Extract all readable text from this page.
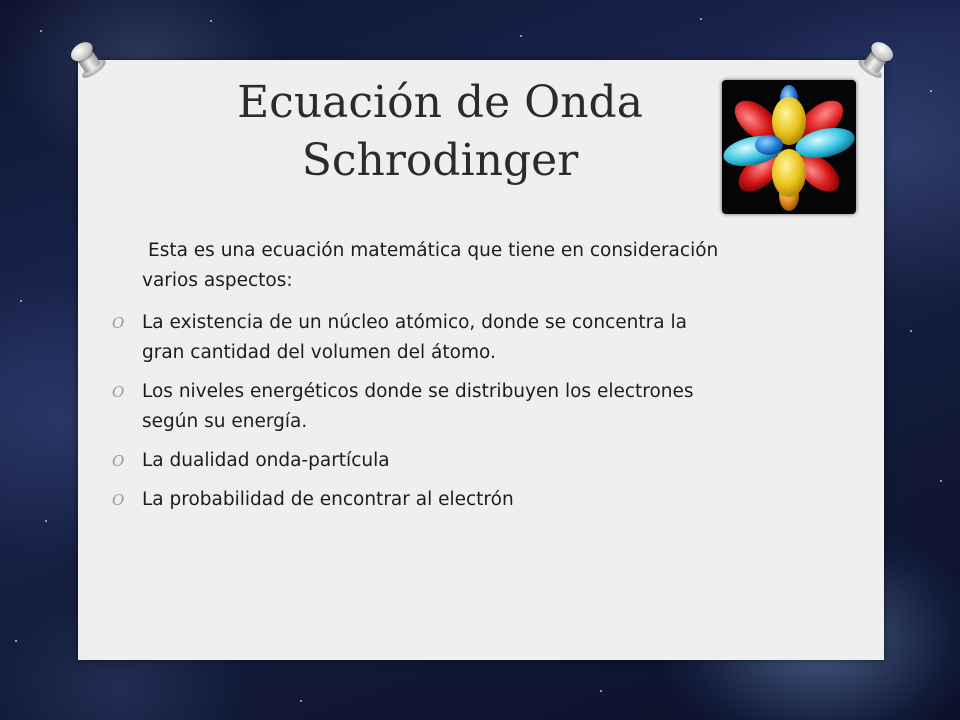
Ecuación de Onda
Schrodinger
Esta es una ecuación matemática que tiene en consideración
varios aspectos:
O La existencia de un núcleo atómico, donde se concentra la
gran cantidad del volumen del átomo.
O Los niveles energéticos donde se distribuyen los electrones
según su energía.
O La dualidad onda-partícula
O La probabilidad de encontrar al electrón
